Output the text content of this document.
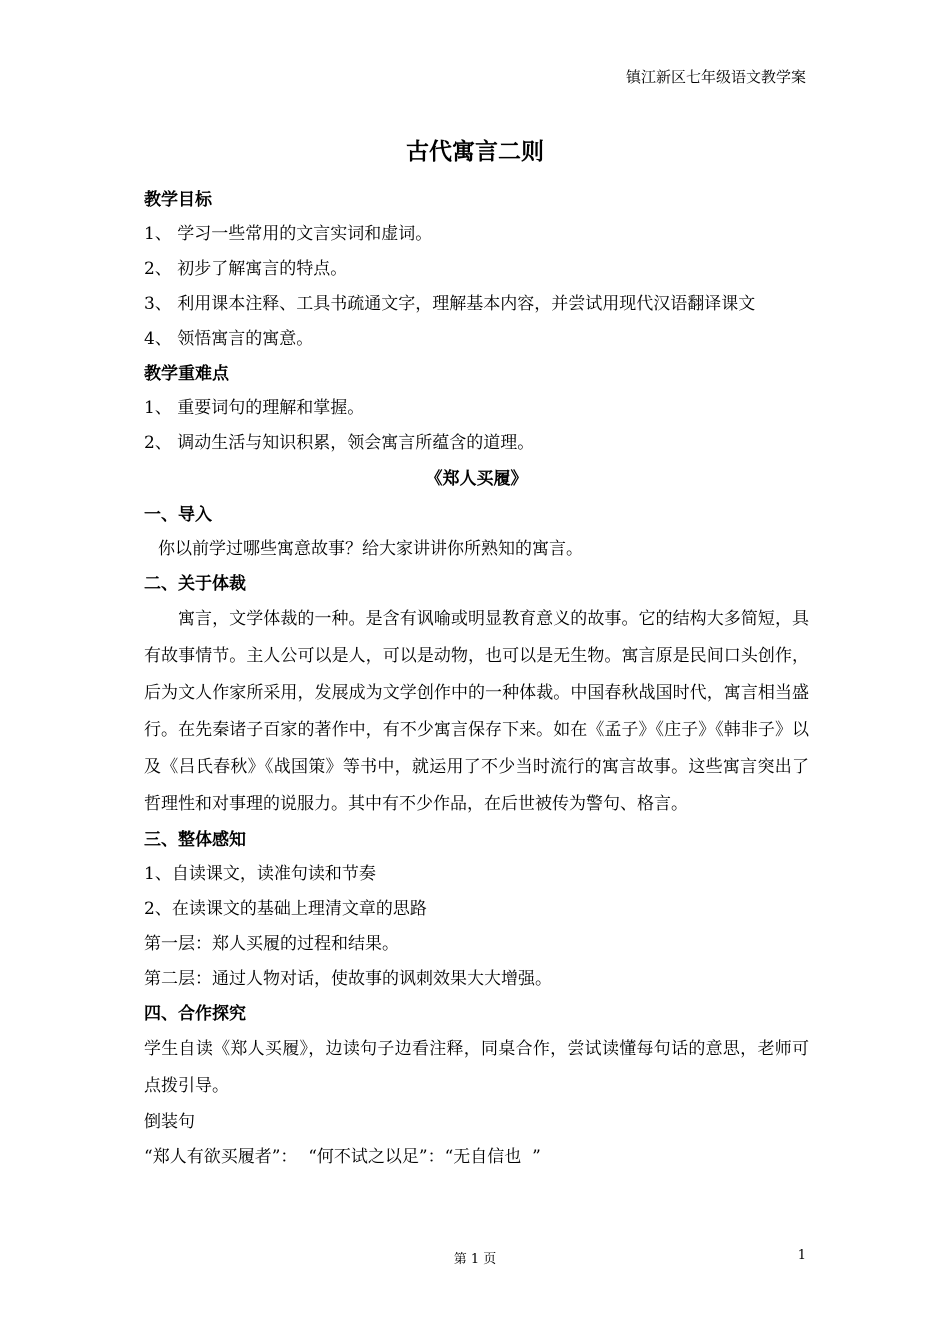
镇江新区七年级语文教学案
古代寓言二则

教学目标

1、 学习一些常用的文言实词和虚词。

2、 初步了解寓言的特点。

3、 利用课本注释、工具书疏通文字，理解基本内容，并尝试用现代汉语翻译课文

4、 领悟寓言的寓意。

教学重难点

1、 重要词句的理解和掌握。

2、 调动生活与知识积累，领会寓言所蕴含的道理。

《郑人买履》

一、导入

你以前学过哪些寓意故事？给大家讲讲你所熟知的寓言。

二、关于体裁

寓言，文学体裁的一种。是含有讽喻或明显教育意义的故事。它的结构大多简短，具有故事情节。主人公可以是人，可以是动物，也可以是无生物。寓言原是民间口头创作，后为文人作家所采用，发展成为文学创作中的一种体裁。中国春秋战国时代，寓言相当盛行。在先秦诸子百家的著作中，有不少寓言保存下来。如在《孟子》《庄子》《韩非子》以及《吕氏春秋》《战国策》等书中，就运用了不少当时流行的寓言故事。这些寓言突出了哲理性和对事理的说服力。其中有不少作品，在后世被传为警句、格言。

三、整体感知

1、自读课文，读准句读和节奏

2、在读课文的基础上理清文章的思路

第一层：郑人买履的过程和结果。

第二层：通过人物对话，使故事的讽刺效果大大增强。

四、合作探究

学生自读《郑人买履》，边读句子边看注释，同桌合作，尝试读懂每句话的意思，老师可点拨引导。

倒装句

“郑人有欲买履者”：  “何不试之以足”：“无自信也  ”

第 1 页	1
